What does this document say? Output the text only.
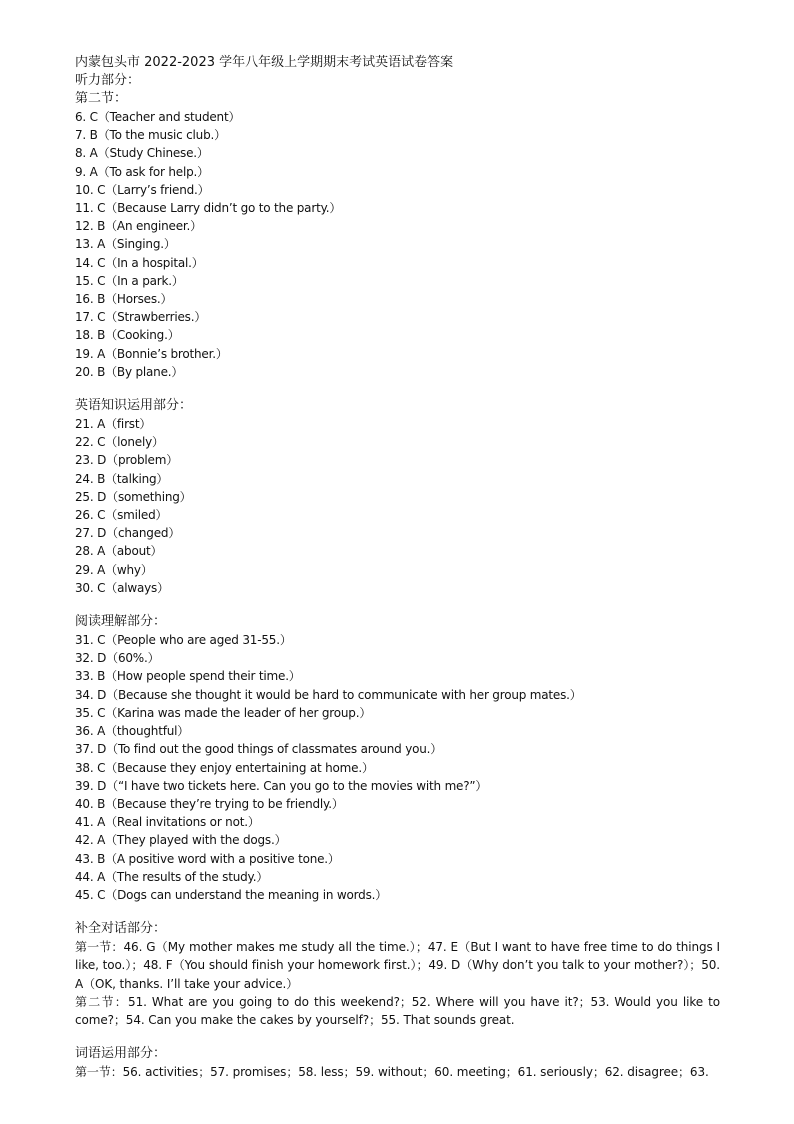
内蒙包头市 2022-2023 学年八年级上学期期末考试英语试卷答案

听力部分：

第二节：

6. C（Teacher and student）
7. B（To the music club.）
8. A（Study Chinese.）
9. A（To ask for help.）
10. C（Larry’s friend.）
11. C（Because Larry didn’t go to the party.）
12. B（An engineer.）
13. A（Singing.）
14. C（In a hospital.）
15. C（In a park.）
16. B（Horses.）
17. C（Strawberries.）
18. B（Cooking.）
19. A（Bonnie’s brother.）
20. B（By plane.）

英语知识运用部分：

21. A（first）
22. C（lonely）
23. D（problem）
24. B（talking）
25. D（something）
26. C（smiled）
27. D（changed）
28. A（about）
29. A（why）
30. C（always）

阅读理解部分：

31. C（People who are aged 31-55.）
32. D（60%.）
33. B（How people spend their time.）
34. D（Because she thought it would be hard to communicate with her group mates.）
35. C（Karina was made the leader of her group.）
36. A（thoughtful）
37. D（To find out the good things of classmates around you.）
38. C（Because they enjoy entertaining at home.）
39. D（“I have two tickets here. Can you go to the movies with me?”）
40. B（Because they’re trying to be friendly.）
41. A（Real invitations or not.）
42. A（They played with the dogs.）
43. B（A positive word with a positive tone.）
44. A（The results of the study.）
45. C（Dogs can understand the meaning in words.）

补全对话部分：

第一节：46. G（My mother makes me study all the time.）；47. E（But I want to have free time to do things I like, too.）；48. F（You should finish your homework first.）；49. D（Why don’t you talk to your mother?）；50. A（OK, thanks. I’ll take your advice.）

第二节：51. What are you going to do this weekend?；52. Where will you have it?；53. Would you like to come?；54. Can you make the cakes by yourself?；55. That sounds great.

词语运用部分：

第一节：56. activities；57. promises；58. less；59. without；60. meeting；61. seriously；62. disagree；63.
